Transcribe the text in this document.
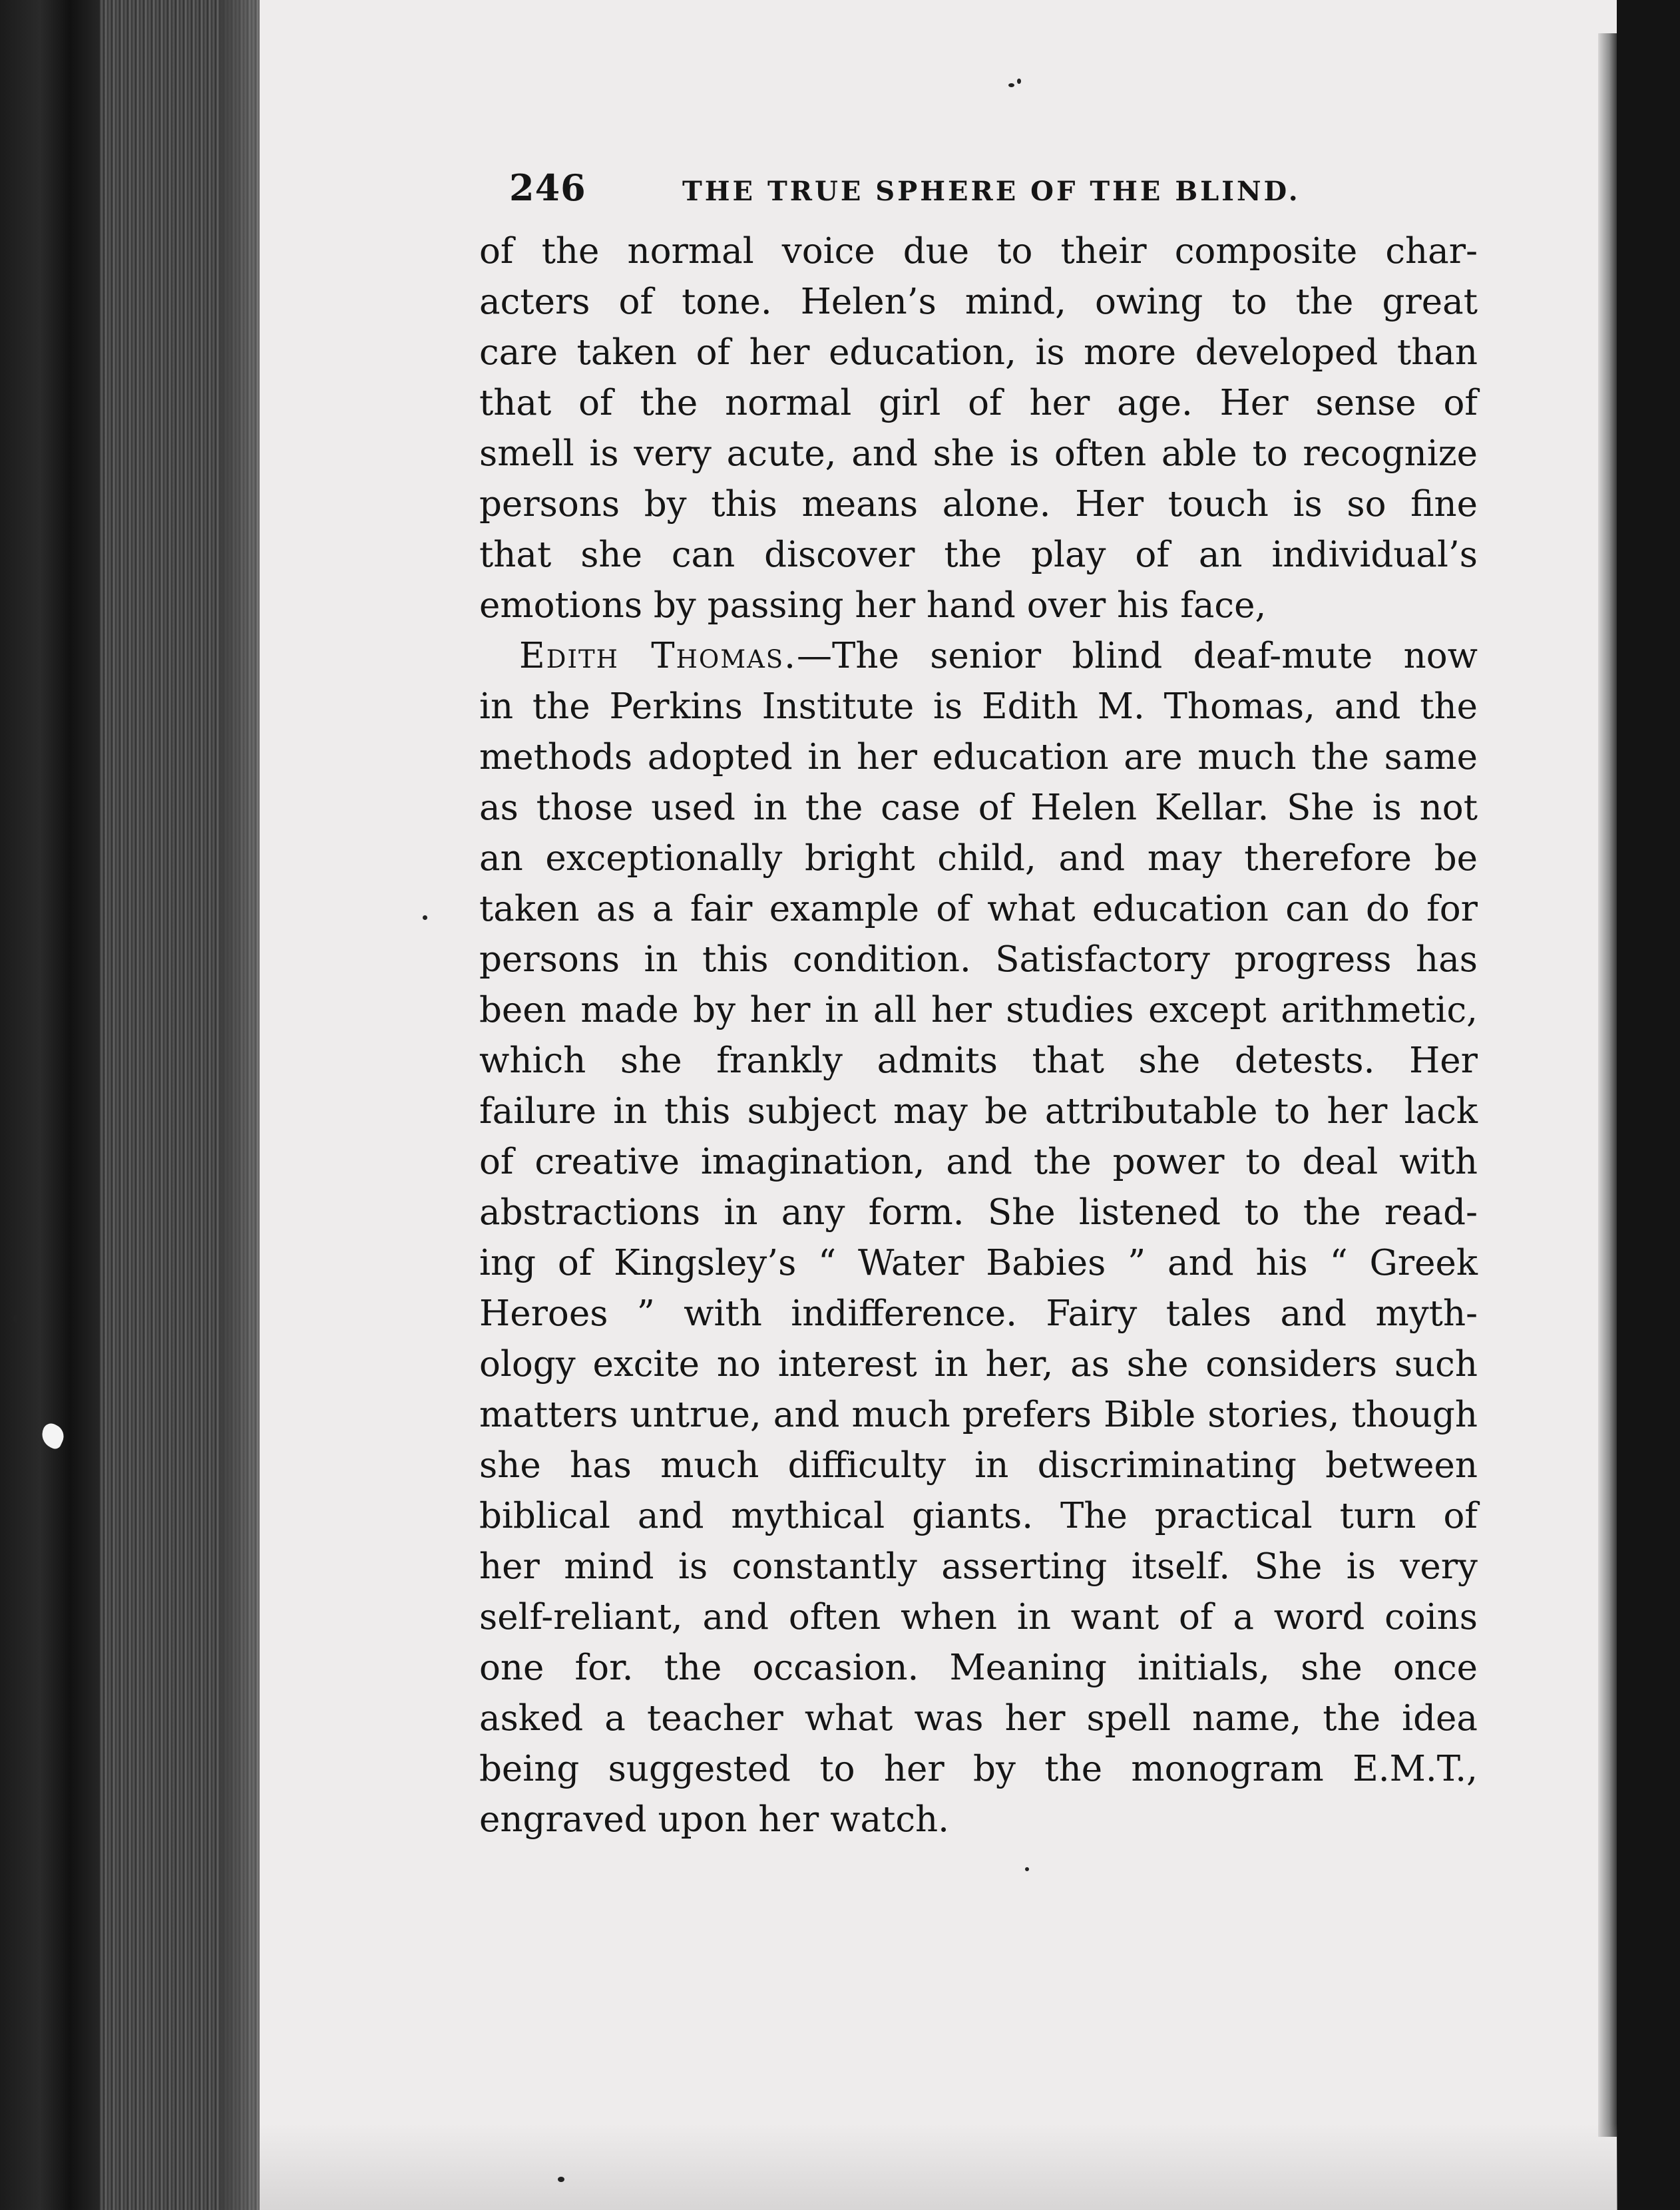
246	THE TRUE SPHERE OF THE BLIND.
of the normal voice due to their composite char-
acters of tone. Helen’s mind, owing to the great
care taken of her education, is more developed than
that of the normal girl of her age. Her sense of
smell is very acute, and she is often able to recognize
persons by this means alone. Her touch is so fine
that she can discover the play of an individual’s
emotions by passing her hand over his face,
Edith Thomas.—The senior blind deaf-mute now
in the Perkins Institute is Edith M. Thomas, and the
methods adopted in her education are much the same
as those used in the case of Helen Kellar. She is not
an exceptionally bright child, and may therefore be
taken as a fair example of what education can do for
persons in this condition. Satisfactory progress has
been made by her in all her studies except arithmetic,
which she frankly admits that she detests. Her
failure in this subject may be attributable to her lack
of creative imagination, and the power to deal with
abstractions in any form. She listened to the read-
ing of Kingsley’s “ Water Babies ” and his “ Greek
Heroes ” with indifference. Fairy tales and myth-
ology excite no interest in her, as she considers such
matters untrue, and much prefers Bible stories, though
she has much difficulty in discriminating between
biblical and mythical giants. The practical turn of
her mind is constantly asserting itself. She is very
self-reliant, and often when in want of a word coins
one for. the occasion. Meaning initials, she once
asked a teacher what was her spell name, the idea
being suggested to her by the monogram E.M.T.,
engraved upon her watch.
